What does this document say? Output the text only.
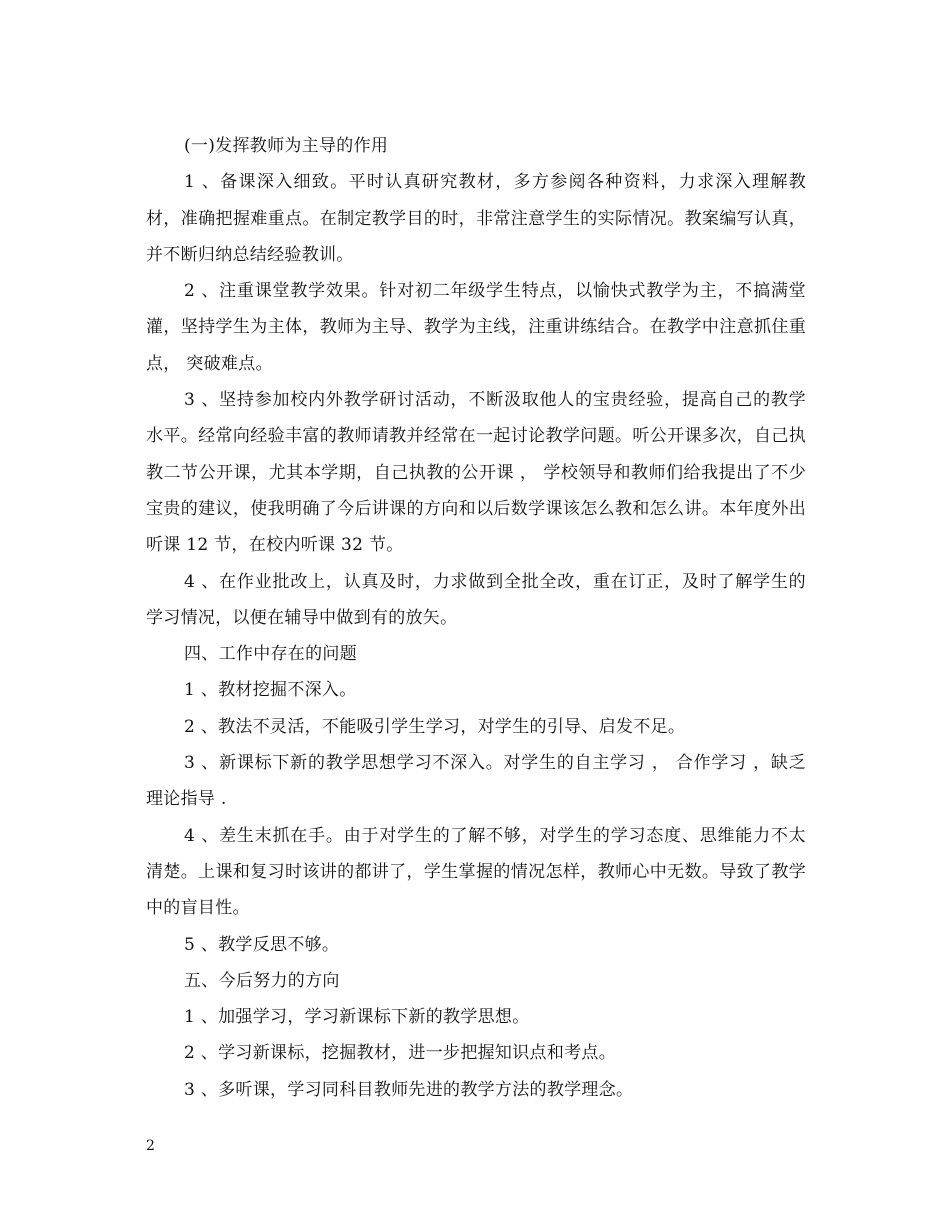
(一)发挥教师为主导的作用

1 、备课深入细致。平时认真研究教材，多方参阅各种资料，力求深入理解教材，准确把握难重点。在制定教学目的时，非常注意学生的实际情况。教案编写认真，并不断归纳总结经验教训。

2 、注重课堂教学效果。针对初二年级学生特点，以愉快式教学为主，不搞满堂灌，坚持学生为主体，教师为主导、教学为主线，注重讲练结合。在教学中注意抓住重点， 突破难点。

3 、坚持参加校内外教学研讨活动，不断汲取他人的宝贵经验，提高自己的教学水平。经常向经验丰富的教师请教并经常在一起讨论教学问题。听公开课多次，自己执教二节公开课，尤其本学期，自己执教的公开课 ， 学校领导和教师们给我提出了不少宝贵的建议，使我明确了今后讲课的方向和以后数学课该怎么教和怎么讲。本年度外出听课 12 节，在校内听课 32 节。

4 、在作业批改上，认真及时，力求做到全批全改，重在订正，及时了解学生的学习情况，以便在辅导中做到有的放矢。

四、工作中存在的问题

1 、教材挖掘不深入。

2 、教法不灵活，不能吸引学生学习，对学生的引导、启发不足。

3 、新课标下新的教学思想学习不深入。对学生的自主学习 ， 合作学习 ，缺乏理论指导 .

4 、差生末抓在手。由于对学生的了解不够，对学生的学习态度、思维能力不太清楚。上课和复习时该讲的都讲了，学生掌握的情况怎样，教师心中无数。导致了教学中的盲目性。

5 、教学反思不够。

五、今后努力的方向

1 、加强学习，学习新课标下新的教学思想。

2 、学习新课标，挖掘教材，进一步把握知识点和考点。

3 、多听课，学习同科目教师先进的教学方法的教学理念。

2
